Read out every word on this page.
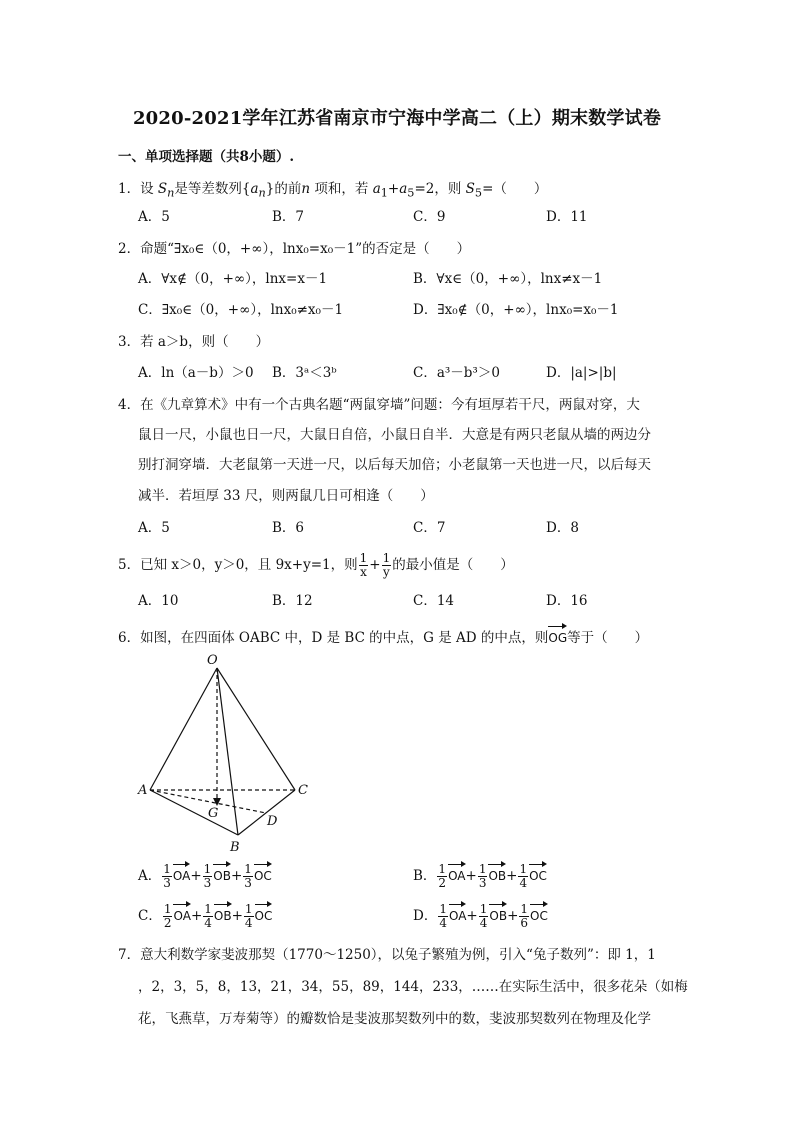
2020-2021学年江苏省南京市宁海中学高二（上）期末数学试卷
一、单项选择题（共8小题）.
1．设 $S_n$是等差数列$\{a_n\}$的前n 项和，若 $a_1+a_5=2$，则 $S_5=$（　　）
A．5	B．7	C．9	D．11
2．命题“∃x₀∈（0，+∞），lnx₀=x₀－1”的否定是（　　）
A．∀x∉（0，+∞），lnx=x－1	B．∀x∈（0，+∞），lnx≠x－1
C．∃x₀∈（0，+∞），lnx₀≠x₀－1	D．∃x₀∉（0，+∞），lnx₀=x₀－1
3．若 a＞b，则（　　）
A．ln（a－b）＞0 B．3ᵃ＜3ᵇ	C．a³－b³＞0	D．|a|>|b|
4．在《九章算术》中有一个古典名题“两鼠穿墙”问题：今有垣厚若干尺，两鼠对穿，大
鼠日一尺，小鼠也日一尺，大鼠日自倍，小鼠日自半．大意是有两只老鼠从墙的两边分
别打洞穿墙．大老鼠第一天进一尺，以后每天加倍；小老鼠第一天也进一尺，以后每天
减半．若垣厚 33 尺，则两鼠几日可相逢（　　）
A．5	B．6	C．7	D．8
5．已知 x＞0，y＞0，且 9x+y=1，则 $\frac{1}{x} + \frac{1}{y}$ 的最小值是（　　）
A．10	B．12	C．14	D．16
6．如图，在四面体 OABC 中，D 是 BC 的中点，G 是 AD 的中点，则OG等于（　　）
O
A
B
C
D
G
A． $\frac{1}{3} OA+ \frac{1}{3} OB+ \frac{1}{3}$ OC	B． $\frac{1}{2} OA+ \frac{1}{3} OB+ \frac{1}{4}$ OC
C． $\frac{1}{2} OA+ \frac{1}{4} OB+ \frac{1}{4}$ OC	D． $\frac{1}{4} OA+ \frac{1}{4} OB+ \frac{1}{6}$ OC
7．意大利数学家斐波那契（1770～1250），以兔子繁殖为例，引入“兔子数列”：即 1，1
，2，3，5，8，13，21，34，55，89，144，233，……在实际生活中，很多花朵（如梅
花，飞燕草，万寿菊等）的瓣数恰是斐波那契数列中的数，斐波那契数列在物理及化学
